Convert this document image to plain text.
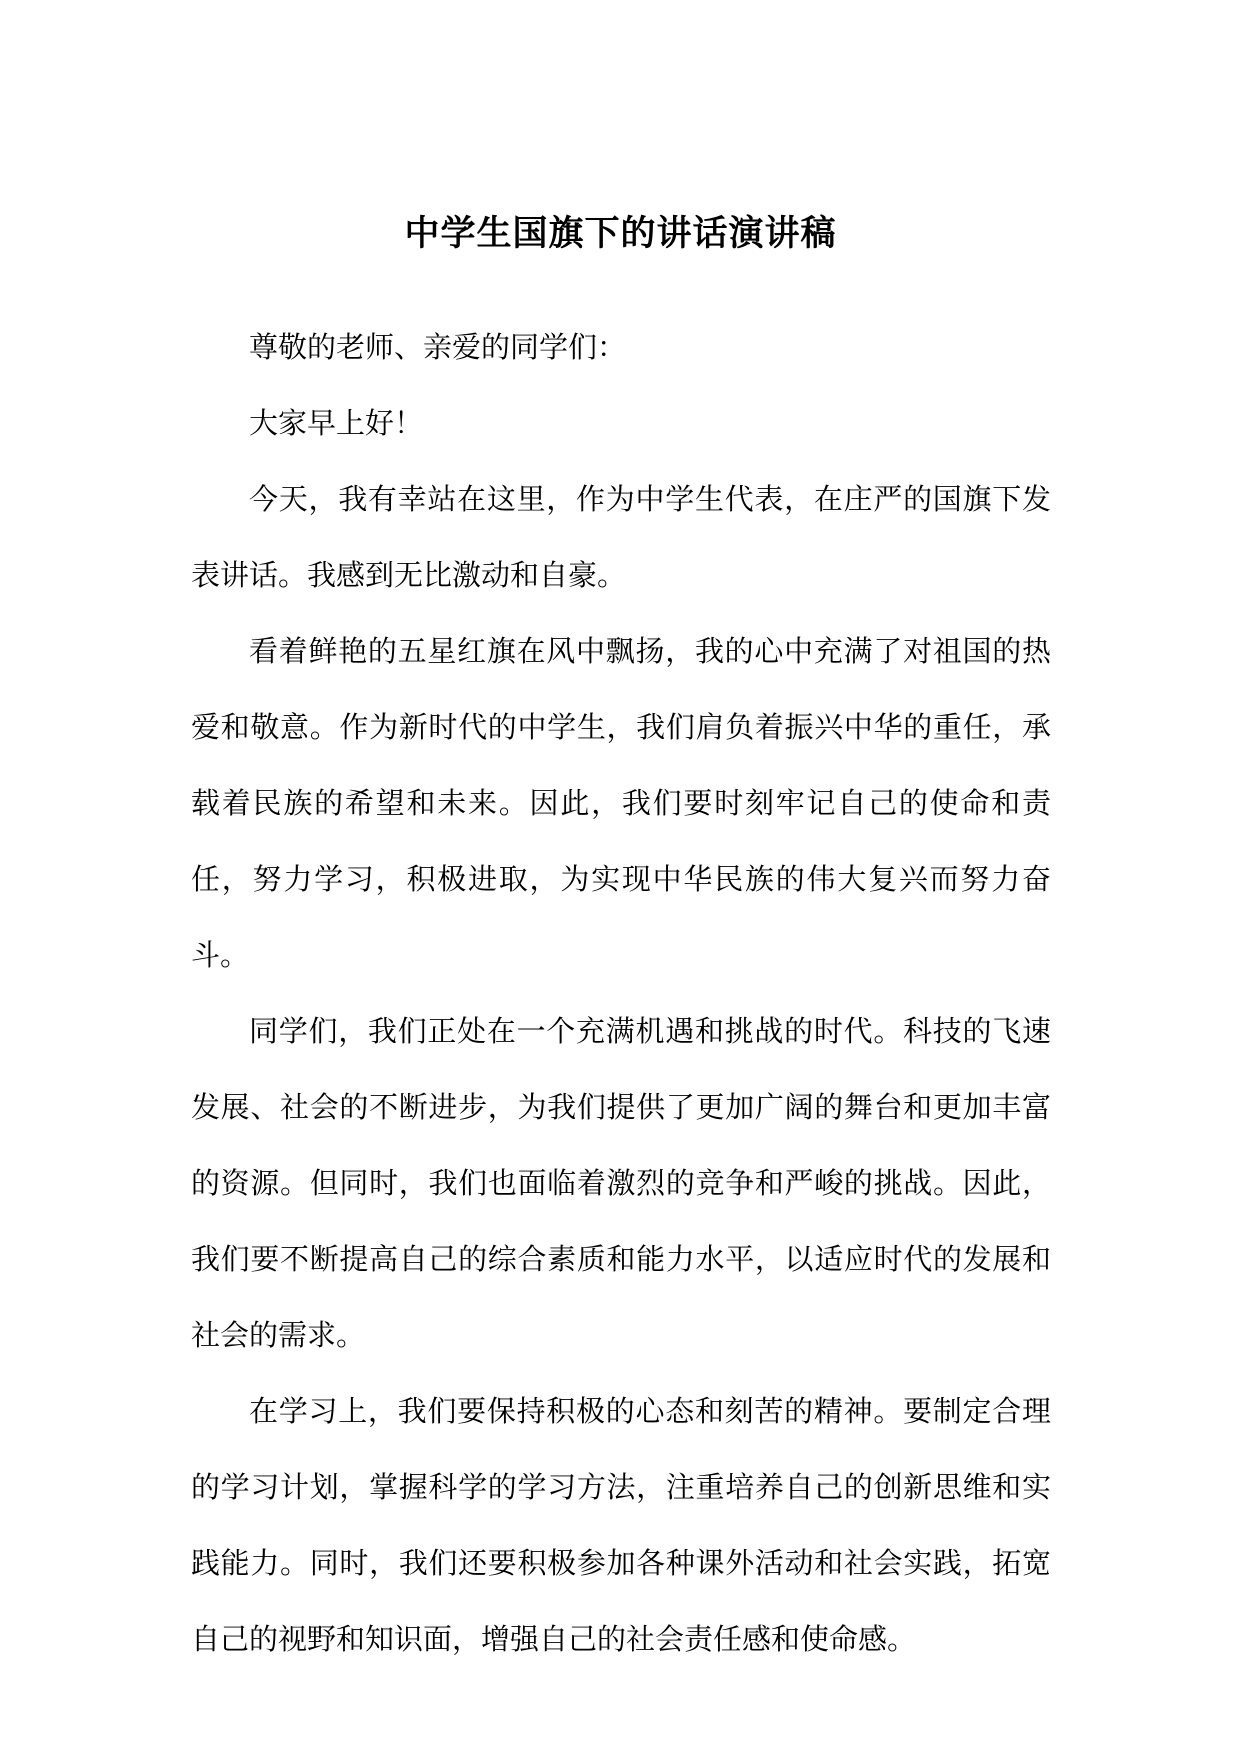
中学生国旗下的讲话演讲稿

尊敬的老师、亲爱的同学们：

大家早上好！

今天，我有幸站在这里，作为中学生代表，在庄严的国旗下发表讲话。我感到无比激动和自豪。

看着鲜艳的五星红旗在风中飘扬，我的心中充满了对祖国的热爱和敬意。作为新时代的中学生，我们肩负着振兴中华的重任，承载着民族的希望和未来。因此，我们要时刻牢记自己的使命和责任，努力学习，积极进取，为实现中华民族的伟大复兴而努力奋斗。

同学们，我们正处在一个充满机遇和挑战的时代。科技的飞速发展、社会的不断进步，为我们提供了更加广阔的舞台和更加丰富的资源。但同时，我们也面临着激烈的竞争和严峻的挑战。因此，我们要不断提高自己的综合素质和能力水平，以适应时代的发展和社会的需求。

在学习上，我们要保持积极的心态和刻苦的精神。要制定合理的学习计划，掌握科学的学习方法，注重培养自己的创新思维和实践能力。同时，我们还要积极参加各种课外活动和社会实践，拓宽自己的视野和知识面，增强自己的社会责任感和使命感。
